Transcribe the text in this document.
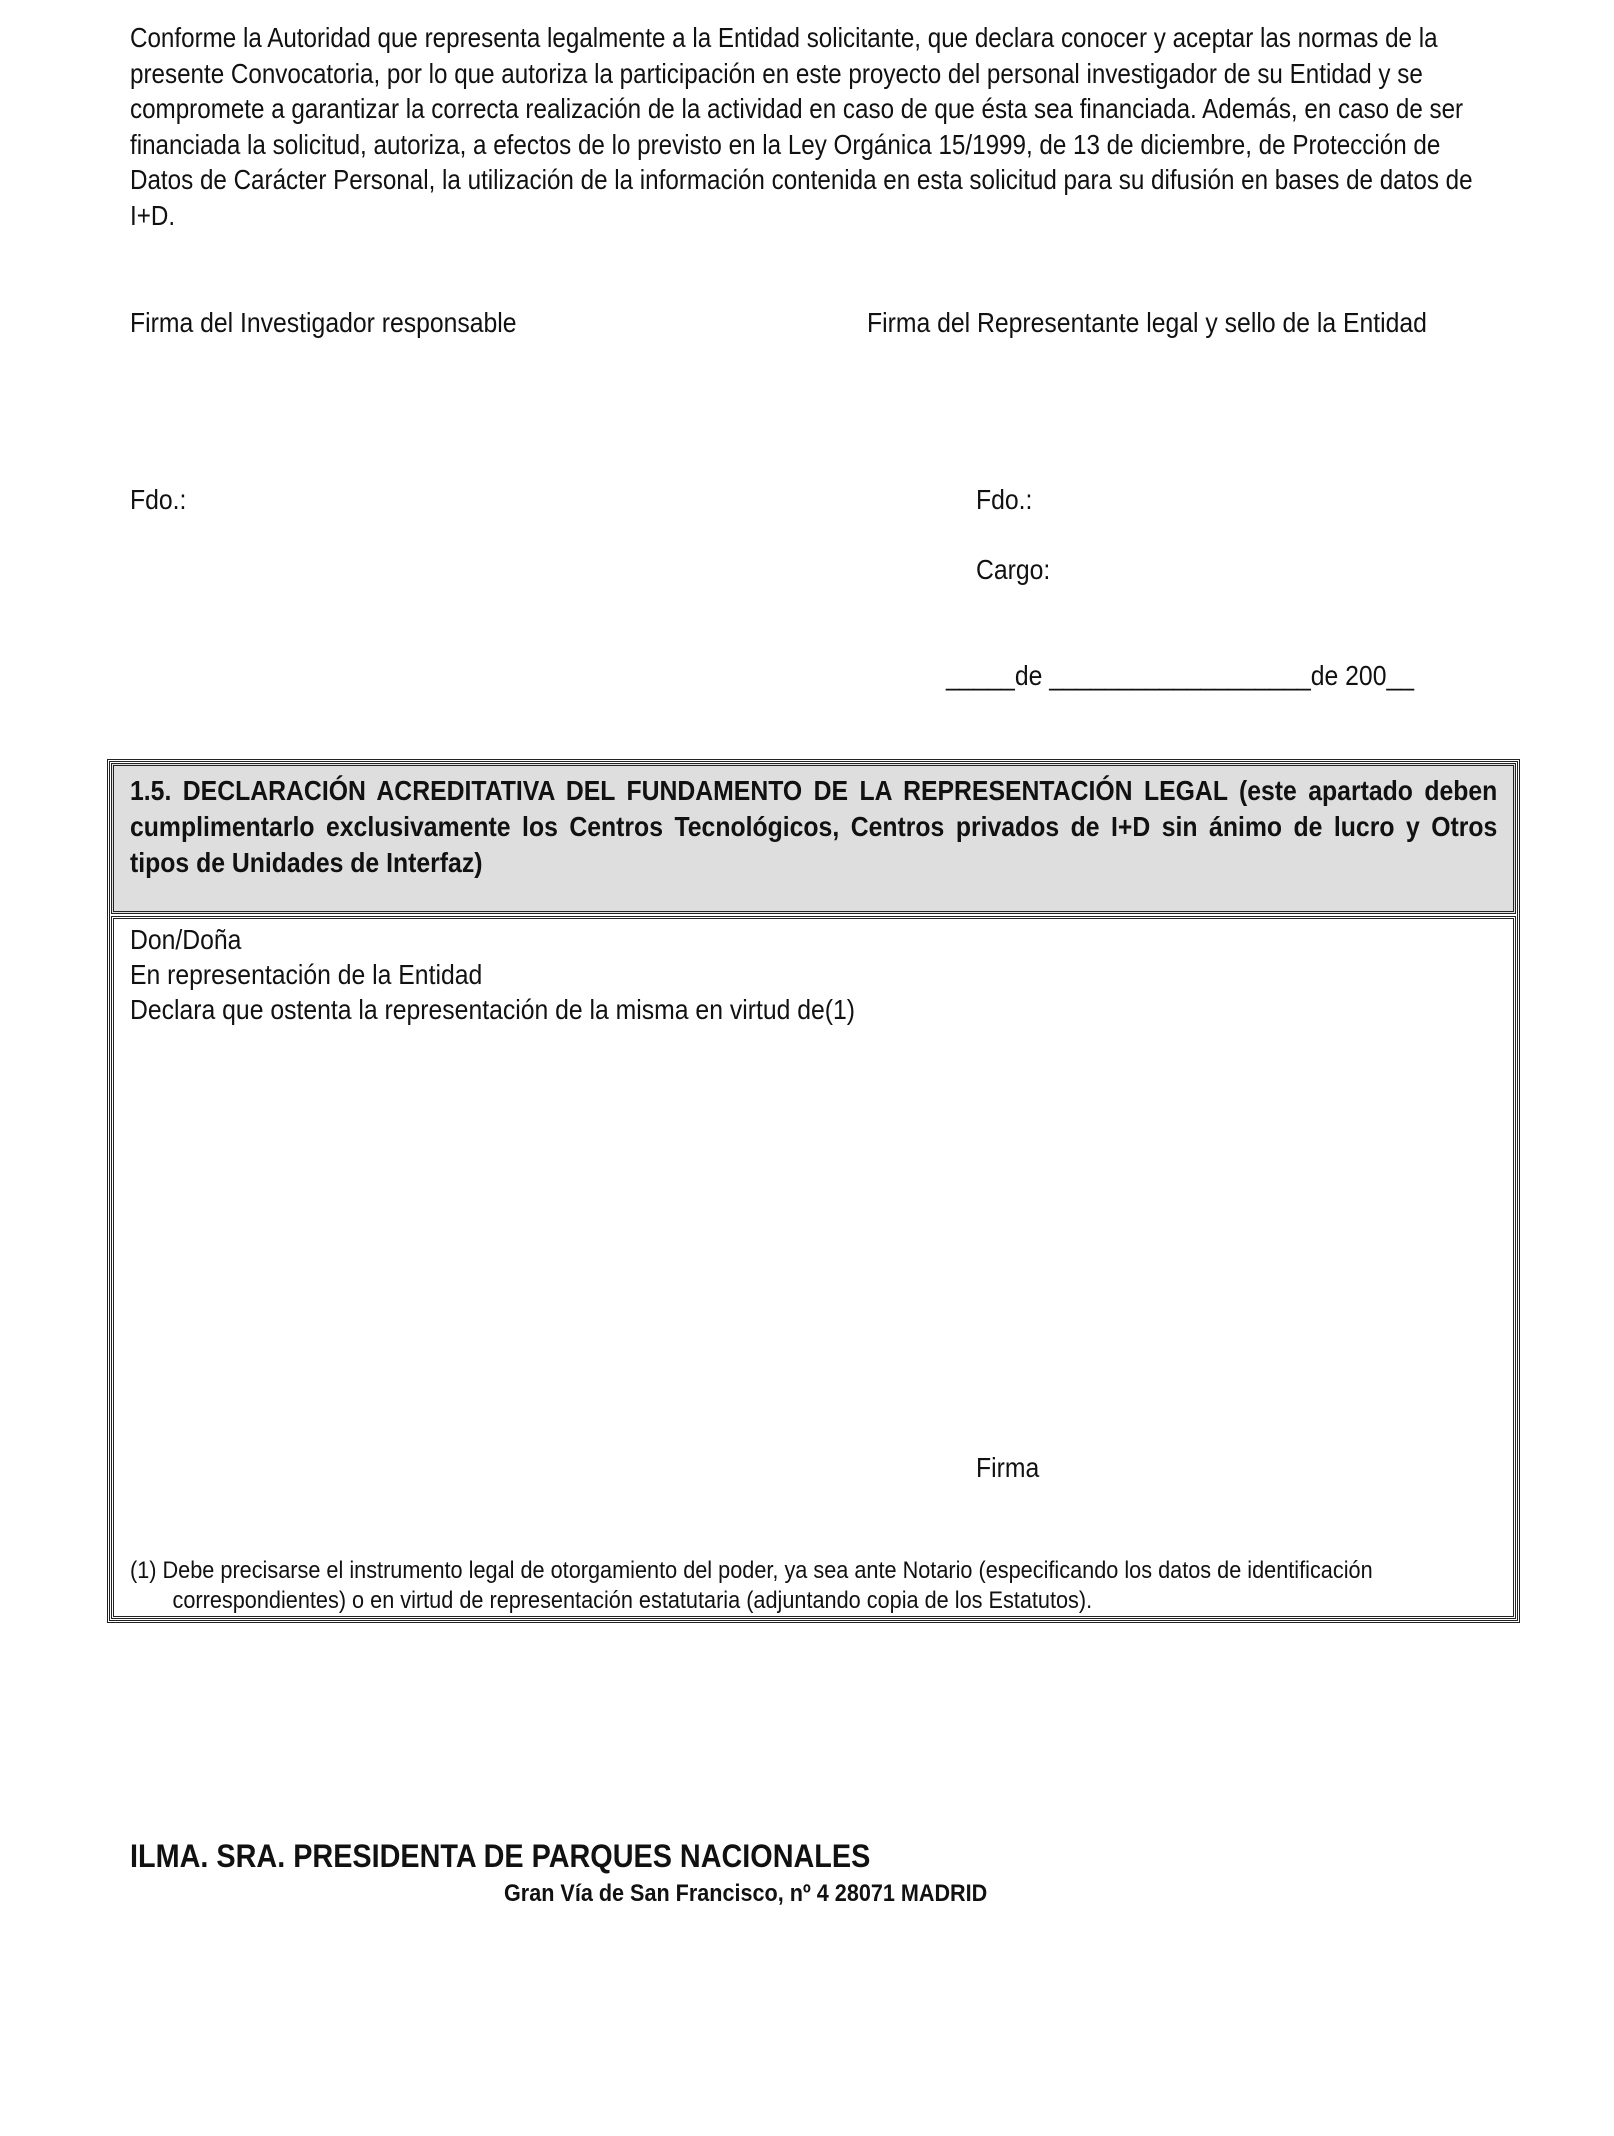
Conforme la Autoridad que representa legalmente a la Entidad solicitante, que declara conocer y aceptar las normas de la presente Convocatoria, por lo que autoriza la participación en este proyecto del personal investigador de su Entidad y se compromete a garantizar la correcta realización de la actividad en caso de que ésta sea financiada. Además, en caso de ser financiada la solicitud, autoriza, a efectos de lo previsto en la Ley Orgánica 15/1999, de 13 de diciembre, de Protección de Datos de Carácter Personal, la utilización de la información contenida en esta solicitud para su difusión en bases de datos de I+D.
Firma del Investigador responsable	Firma del Representante legal y sello de la Entidad
Fdo.:	Fdo.:
Cargo:
_____de ___________________de 200__
1.5. DECLARACIÓN ACREDITATIVA DEL FUNDAMENTO DE LA REPRESENTACIÓN LEGAL (este apartado deben cumplimentarlo exclusivamente los Centros Tecnológicos, Centros privados de I+D sin ánimo de lucro y Otros tipos de Unidades de Interfaz)
Don/Doña
En representación de la Entidad
Declara que ostenta la representación de la misma en virtud de(1)
Firma
(1) Debe precisarse el instrumento legal de otorgamiento del poder, ya sea ante Notario (especificando los datos de identificación
correspondientes) o en virtud de representación estatutaria (adjuntando copia de los Estatutos).
ILMA. SRA. PRESIDENTA DE PARQUES NACIONALES
Gran Vía de San Francisco, nº 4 28071 MADRID
